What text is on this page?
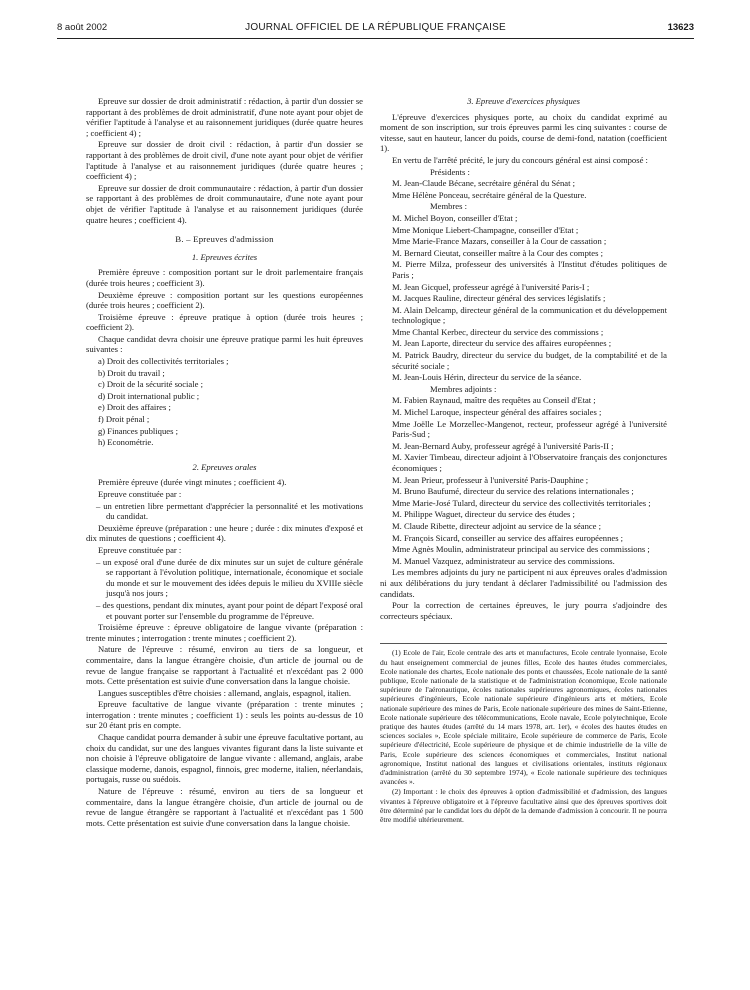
8 août 2002	JOURNAL OFFICIEL DE LA RÉPUBLIQUE FRANÇAISE	13623

Epreuve sur dossier de droit administratif : rédaction, à partir d'un dossier se rapportant à des problèmes de droit administratif, d'une note ayant pour objet de vérifier l'aptitude à l'analyse et au raisonnement juridiques (durée quatre heures ; coefficient 4) ;

Epreuve sur dossier de droit civil : rédaction, à partir d'un dossier se rapportant à des problèmes de droit civil, d'une note ayant pour objet de vérifier l'aptitude à l'analyse et au raisonnement juridiques (durée quatre heures ; coefficient 4) ;

Epreuve sur dossier de droit communautaire : rédaction, à partir d'un dossier se rapportant à des problèmes de droit communautaire, d'une note ayant pour objet de vérifier l'aptitude à l'analyse et au raisonnement juridiques (durée quatre heures ; coefficient 4).

B. – Epreuves d'admission
1. Epreuves écrites

Première épreuve : composition portant sur le droit parlementaire français (durée trois heures ; coefficient 3).

Deuxième épreuve : composition portant sur les questions européennes (durée trois heures ; coefficient 2).

Troisième épreuve : épreuve pratique à option (durée trois heures ; coefficient 2).

Chaque candidat devra choisir une épreuve pratique parmi les huit épreuves suivantes :

a) Droit des collectivités territoriales ;

b) Droit du travail ;

c) Droit de la sécurité sociale ;

d) Droit international public ;

e) Droit des affaires ;

f) Droit pénal ;

g) Finances publiques ;

h) Econométrie.

2. Epreuves orales

Première épreuve (durée vingt minutes ; coefficient 4).

Epreuve constituée par :

– un entretien libre permettant d'apprécier la personnalité et les motivations du candidat.

Deuxième épreuve (préparation : une heure ; durée : dix minutes d'exposé et dix minutes de questions ; coefficient 4).

Epreuve constituée par :

– un exposé oral d'une durée de dix minutes sur un sujet de culture générale se rapportant à l'évolution politique, internationale, économique et sociale du monde et sur le mouvement des idées depuis le milieu du XVIIIe siècle jusqu'à nos jours ;

– des questions, pendant dix minutes, ayant pour point de départ l'exposé oral et pouvant porter sur l'ensemble du programme de l'épreuve.

Troisième épreuve : épreuve obligatoire de langue vivante (préparation : trente minutes ; interrogation : trente minutes ; coefficient 2).

Nature de l'épreuve : résumé, environ au tiers de sa longueur, et commentaire, dans la langue étrangère choisie, d'un article de journal ou de revue de langue française se rapportant à l'actualité et n'excédant pas 2 000 mots. Cette présentation est suivie d'une conversation dans la langue choisie.

Langues susceptibles d'être choisies : allemand, anglais, espagnol, italien.

Epreuve facultative de langue vivante (préparation : trente minutes ; interrogation : trente minutes ; coefficient 1) : seuls les points au-dessus de 10 sur 20 étant pris en compte.

Chaque candidat pourra demander à subir une épreuve facultative portant, au choix du candidat, sur une des langues vivantes figurant dans la liste suivante et non choisie à l'épreuve obligatoire de langue vivante : allemand, anglais, arabe classique moderne, danois, espagnol, finnois, grec moderne, italien, néerlandais, portugais, russe ou suédois.

Nature de l'épreuve : résumé, environ au tiers de sa longueur et commentaire, dans la langue étrangère choisie, d'un article de journal ou de revue de langue étrangère se rapportant à l'actualité et n'excédant pas 1 500 mots. Cette présentation est suivie d'une conversation dans la langue choisie.

3. Epreuve d'exercices physiques

L'épreuve d'exercices physiques porte, au choix du candidat exprimé au moment de son inscription, sur trois épreuves parmi les cinq suivantes : course de vitesse, saut en hauteur, lancer du poids, course de demi-fond, natation (coefficient 1).

En vertu de l'arrêté précité, le jury du concours général est ainsi composé :

Présidents :

M. Jean-Claude Bécane, secrétaire général du Sénat ;

Mme Hélène Ponceau, secrétaire général de la Questure.

Membres :

M. Michel Boyon, conseiller d'Etat ;

Mme Monique Liebert-Champagne, conseiller d'Etat ;

Mme Marie-France Mazars, conseiller à la Cour de cassation ;

M. Bernard Cieutat, conseiller maître à la Cour des comptes ;

M. Pierre Milza, professeur des universités à l'Institut d'études politiques de Paris ;

M. Jean Gicquel, professeur agrégé à l'université Paris-I ;

M. Jacques Rauline, directeur général des services législatifs ;

M. Alain Delcamp, directeur général de la communication et du développement technologique ;

Mme Chantal Kerbec, directeur du service des commissions ;

M. Jean Laporte, directeur du service des affaires européennes ;

M. Patrick Baudry, directeur du service du budget, de la comptabilité et de la sécurité sociale ;

M. Jean-Louis Hérin, directeur du service de la séance.

Membres adjoints :

M. Fabien Raynaud, maître des requêtes au Conseil d'Etat ;

M. Michel Laroque, inspecteur général des affaires sociales ;

Mme Joëlle Le Morzellec-Mangenot, recteur, professeur agrégé à l'université Paris-Sud ;

M. Jean-Bernard Auby, professeur agrégé à l'université Paris-II ;

M. Xavier Timbeau, directeur adjoint à l'Observatoire français des conjonctures économiques ;

M. Jean Prieur, professeur à l'université Paris-Dauphine ;

M. Bruno Baufumé, directeur du service des relations internationales ;

Mme Marie-José Tulard, directeur du service des collectivités territoriales ;

M. Philippe Waguet, directeur du service des études ;

M. Claude Ribette, directeur adjoint au service de la séance ;

M. François Sicard, conseiller au service des affaires européennes ;

Mme Agnès Moulin, administrateur principal au service des commissions ;

M. Manuel Vazquez, administrateur au service des commissions.

Les membres adjoints du jury ne participent ni aux épreuves orales d'admission ni aux délibérations du jury tendant à déclarer l'admissibilité ou l'admission des candidats.

Pour la correction de certaines épreuves, le jury pourra s'adjoindre des correcteurs spéciaux.

(1) Ecole de l'air, Ecole centrale des arts et manufactures, Ecole centrale lyonnaise, Ecole du haut enseignement commercial de jeunes filles, Ecole des hautes études commerciales, Ecole nationale des chartes, Ecole nationale des ponts et chaussées, Ecole nationale de la santé publique, Ecole nationale de la statistique et de l'administration économique, Ecole nationale supérieure de l'aéronautique, écoles nationales supérieures agronomiques, écoles nationales supérieures d'ingénieurs, Ecole nationale supérieure d'ingénieurs arts et métiers, Ecole nationale supérieure des mines de Paris, Ecole nationale supérieure des mines de Saint-Etienne, Ecole nationale supérieure des télécommunications, Ecole navale, Ecole polytechnique, Ecole pratique des hautes études (arrêté du 14 mars 1978, art. 1er), « écoles des hautes études en sciences sociales », Ecole spéciale militaire, Ecole supérieure de commerce de Paris, Ecole supérieure d'électricité, Ecole supérieure de physique et de chimie industrielle de la ville de Paris, Ecole supérieure des sciences économiques et commerciales, Institut national agronomique, Institut national des langues et civilisations orientales, instituts régionaux d'administration (arrêté du 30 septembre 1974), « Ecole nationale supérieure des techniques avancées ».

(2) Important : le choix des épreuves à option d'admissibilité et d'admission, des langues vivantes à l'épreuve obligatoire et à l'épreuve facultative ainsi que des épreuves sportives doit être déterminé par le candidat lors du dépôt de la demande d'admission à concourir. Il ne pourra être modifié ultérieurement.
